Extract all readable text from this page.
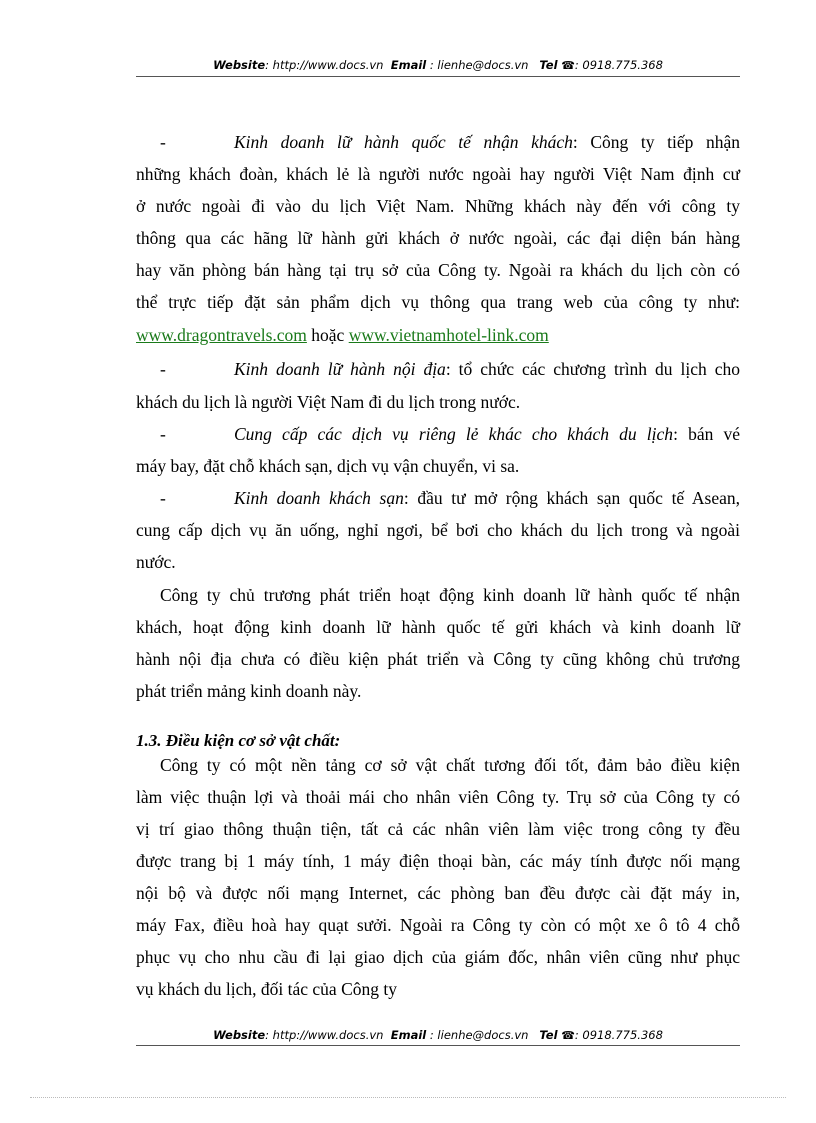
Website: http://www.docs.vn Email : lienhe@docs.vn Tel ☎: 0918.775.368
-	Kinh doanh lữ hành quốc tế nhận khách: Công ty tiếp nhận
những khách đoàn, khách lẻ là người nước ngoài hay người Việt Nam định cư
ở nước ngoài đi vào du lịch Việt Nam. Những khách này đến với công ty
thông qua các hãng lữ hành gửi khách ở nước ngoài, các đại diện bán hàng
hay văn phòng bán hàng tại trụ sở của Công ty. Ngoài ra khách du lịch còn có
thể trực tiếp đặt sản phẩm dịch vụ thông qua trang web của công ty như:
www.dragontravels.com hoặc www.vietnamhotel-link.com
-	Kinh doanh lữ hành nội địa: tổ chức các chương trình du lịch cho
khách du lịch là người Việt Nam đi du lịch trong nước.
-	Cung cấp các dịch vụ riêng lẻ khác cho khách du lịch: bán vé
máy bay, đặt chỗ khách sạn, dịch vụ vận chuyển, vi sa.
-	Kinh doanh khách sạn: đầu tư mở rộng khách sạn quốc tế Asean,
cung cấp dịch vụ ăn uống, nghỉ ngơi, bể bơi cho khách du lịch trong và ngoài
nước.
Công ty chủ trương phát triển hoạt động kinh doanh lữ hành quốc tế nhận
khách, hoạt động kinh doanh lữ hành quốc tế gửi khách và kinh doanh lữ
hành nội địa chưa có điều kiện phát triển và Công ty cũng không chủ trương
phát triển mảng kinh doanh này.
1.3. Điều kiện cơ sở vật chất:
Công ty có một nền tảng cơ sở vật chất tương đối tốt, đảm bảo điều kiện
làm việc thuận lợi và thoải mái cho nhân viên Công ty. Trụ sở của Công ty có
vị trí giao thông thuận tiện, tất cả các nhân viên làm việc trong công ty đều
được trang bị 1 máy tính, 1 máy điện thoại bàn, các máy tính được nối mạng
nội bộ và được nối mạng Internet, các phòng ban đều được cài đặt máy in,
máy Fax, điều hoà hay quạt sưởi. Ngoài ra Công ty còn có một xe ô tô 4 chỗ
phục vụ cho nhu cầu đi lại giao dịch của giám đốc, nhân viên cũng như phục
vụ khách du lịch, đối tác của Công ty
Website: http://www.docs.vn Email : lienhe@docs.vn Tel ☎: 0918.775.368
